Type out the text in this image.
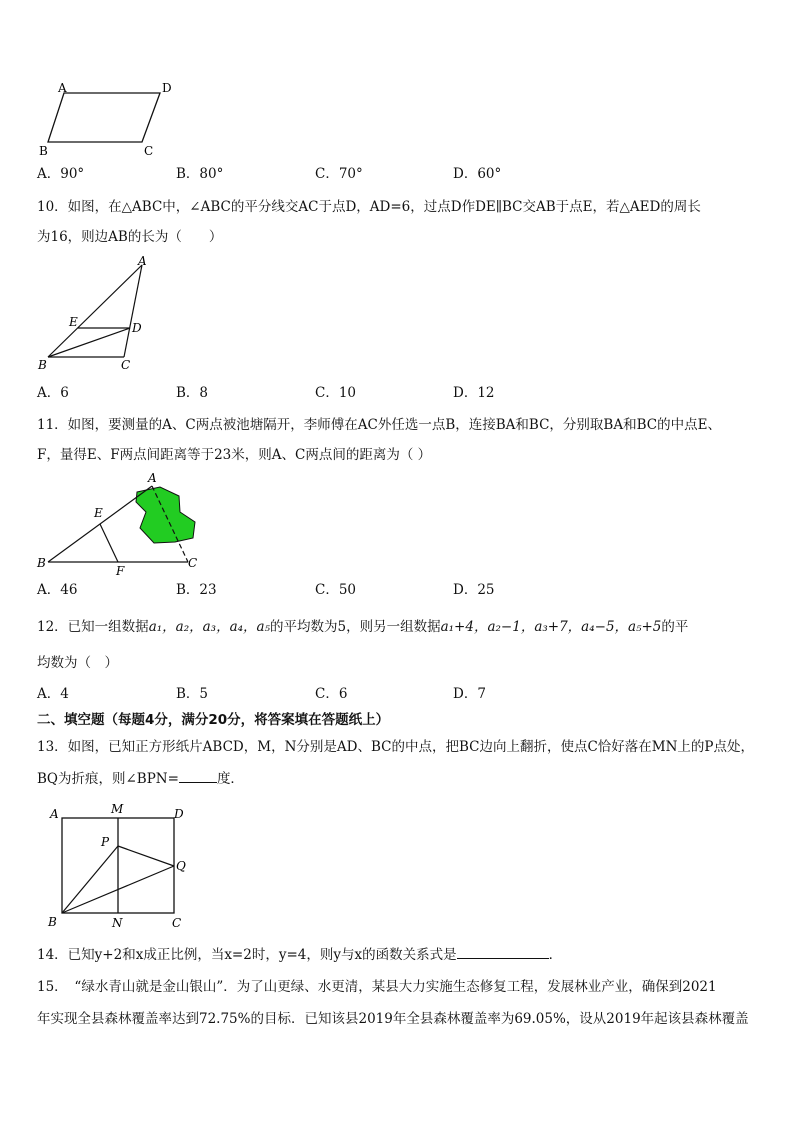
A	D
B	C
A．90°	B．80°	C．70°	D．60°
10．如图，在△ABC中，∠ABC的平分线交AC于点D，AD=6，过点D作DE∥BC交AB于点E，若△AED的周长
为16，则边AB的长为（　　）
A
E	D
B	C
A．6	B．8	C．10	D．12
11．如图，要测量的A、C两点被池塘隔开，李师傅在AC外任选一点B，连接BA和BC，分别取BA和BC的中点E、
F，量得E、F两点间距离等于23米，则A、C两点间的距离为（ ）
A
E
B
F
C
A．46	B．23	C．50	D．25
12．已知一组数据a₁，a₂，a₃，a₄，a₅的平均数为5，则另一组数据a₁+4，a₂−1，a₃+7，a₄−5，a₅+5的平
均数为（　）
A．4	B．5	C．6	D．7
二、填空题（每题4分，满分20分，将答案填在答题纸上）
13．如图，已知正方形纸片ABCD，M，N分别是AD、BC的中点，把BC边向上翻折，使点C恰好落在MN上的P点处，
BQ为折痕，则∠BPN=	度．
A	M	D
P
Q
B	N	C
14．已知y+2和x成正比例，当x=2时，y=4，则y与x的函数关系式是	．
15．　“绿水青山就是金山银山”．为了山更绿、水更清，某县大力实施生态修复工程，发展林业产业，确保到2021
年实现全县森林覆盖率达到72.75%的目标．已知该县2019年全县森林覆盖率为69.05%，设从2019年起该县森林覆盖
